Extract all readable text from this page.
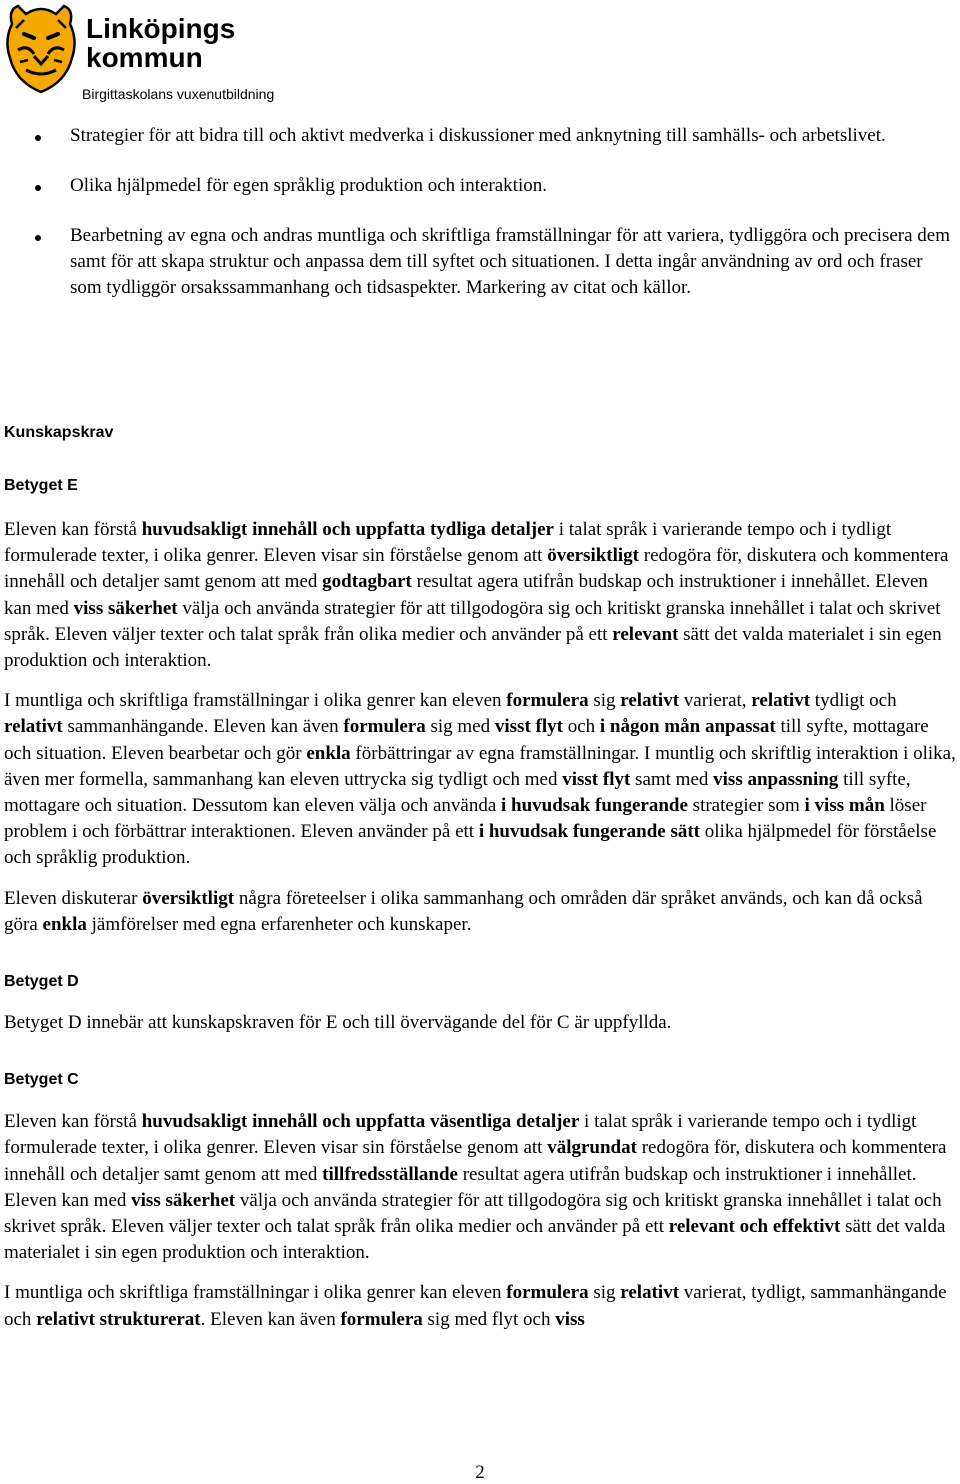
Linköpings
kommun
Birgittaskolans vuxenutbildning
Strategier för att bidra till och aktivt medverka i diskussioner med anknytning till samhälls- och arbetslivet.
Olika hjälpmedel för egen språklig produktion och interaktion.
Bearbetning av egna och andras muntliga och skriftliga framställningar för att variera, tydliggöra och precisera dem samt för att skapa struktur och anpassa dem till syftet och situationen. I detta ingår användning av ord och fraser som tydliggör orsakssammanhang och tidsaspekter. Markering av citat och källor.
Kunskapskrav
Betyget E

Eleven kan förstå huvudsakligt innehåll och uppfatta tydliga detaljer i talat språk i varierande tempo och i tydligt formulerade texter, i olika genrer. Eleven visar sin förståelse genom att översiktligt redogöra för, diskutera och kommentera innehåll och detaljer samt genom att med godtagbart resultat agera utifrån budskap och instruktioner i innehållet. Eleven kan med viss säkerhet välja och använda strategier för att tillgodogöra sig och kritiskt granska innehållet i talat och skrivet språk. Eleven väljer texter och talat språk från olika medier och använder på ett relevant sätt det valda materialet i sin egen produktion och interaktion.

I muntliga och skriftliga framställningar i olika genrer kan eleven formulera sig relativt varierat, relativt tydligt och relativt sammanhängande. Eleven kan även formulera sig med visst flyt och i någon mån anpassat till syfte, mottagare och situation. Eleven bearbetar och gör enkla förbättringar av egna framställningar. I muntlig och skriftlig interaktion i olika, även mer formella, sammanhang kan eleven uttrycka sig tydligt och med visst flyt samt med viss anpassning till syfte, mottagare och situation. Dessutom kan eleven välja och använda i huvudsak fungerande strategier som i viss mån löser problem i och förbättrar interaktionen. Eleven använder på ett i huvudsak fungerande sätt olika hjälpmedel för förståelse och språklig produktion.

Eleven diskuterar översiktligt några företeelser i olika sammanhang och områden där språket används, och kan då också göra enkla jämförelser med egna erfarenheter och kunskaper.

Betyget D

Betyget D innebär att kunskapskraven för E och till övervägande del för C är uppfyllda.

Betyget C

Eleven kan förstå huvudsakligt innehåll och uppfatta väsentliga detaljer i talat språk i varierande tempo och i tydligt formulerade texter, i olika genrer. Eleven visar sin förståelse genom att välgrundat redogöra för, diskutera och kommentera innehåll och detaljer samt genom att med tillfredsställande resultat agera utifrån budskap och instruktioner i innehållet. Eleven kan med viss säkerhet välja och använda strategier för att tillgodogöra sig och kritiskt granska innehållet i talat och skrivet språk. Eleven väljer texter och talat språk från olika medier och använder på ett relevant och effektivt sätt det valda materialet i sin egen produktion och interaktion.

I muntliga och skriftliga framställningar i olika genrer kan eleven formulera sig relativt varierat, tydligt, sammanhängande och relativt strukturerat. Eleven kan även formulera sig med flyt och viss

2
